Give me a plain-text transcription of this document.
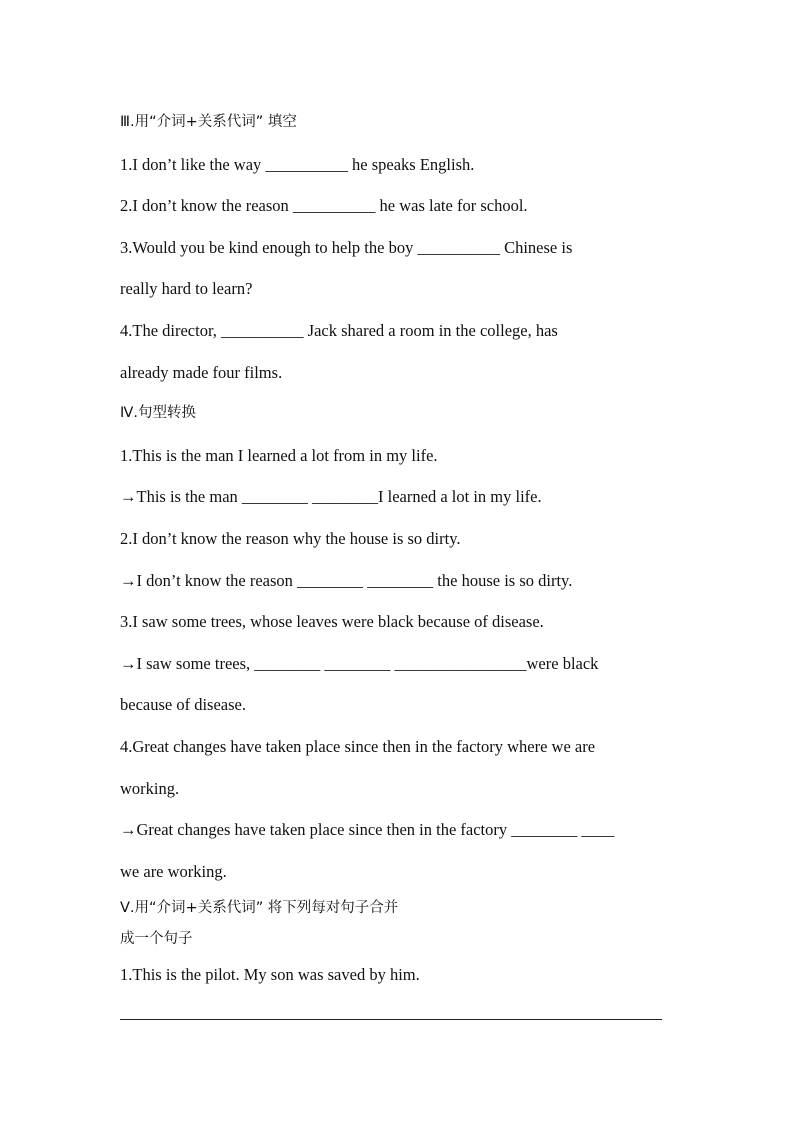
Ⅲ.用“介词+关系代词” 填空
1.I don’t like the way __________ he speaks English.
2.I don’t know the reason __________ he was late for school.
3.Would you be kind enough to help the boy __________ Chinese is
really hard to learn?
4.The director, __________ Jack shared a room in the college, has
already made four films.
Ⅳ.句型转换
1.This is the man I learned a lot from in my life.
→This is the man ________ ________I learned a lot in my life.
2.I don’t know the reason why the house is so dirty.
→I don’t know the reason ________ ________ the house is so dirty.
3.I saw some trees, whose leaves were black because of disease.
→I saw some trees, ________ ________ ________________were black
because of disease.
4.Great changes have taken place since then in the factory where we are
working.
→Great changes have taken place since then in the factory ________ ____
we are working.
Ⅴ.用“介词+关系代词” 将下列每对句子合并
成一个句子
1.This is the pilot. My son was saved by him.
